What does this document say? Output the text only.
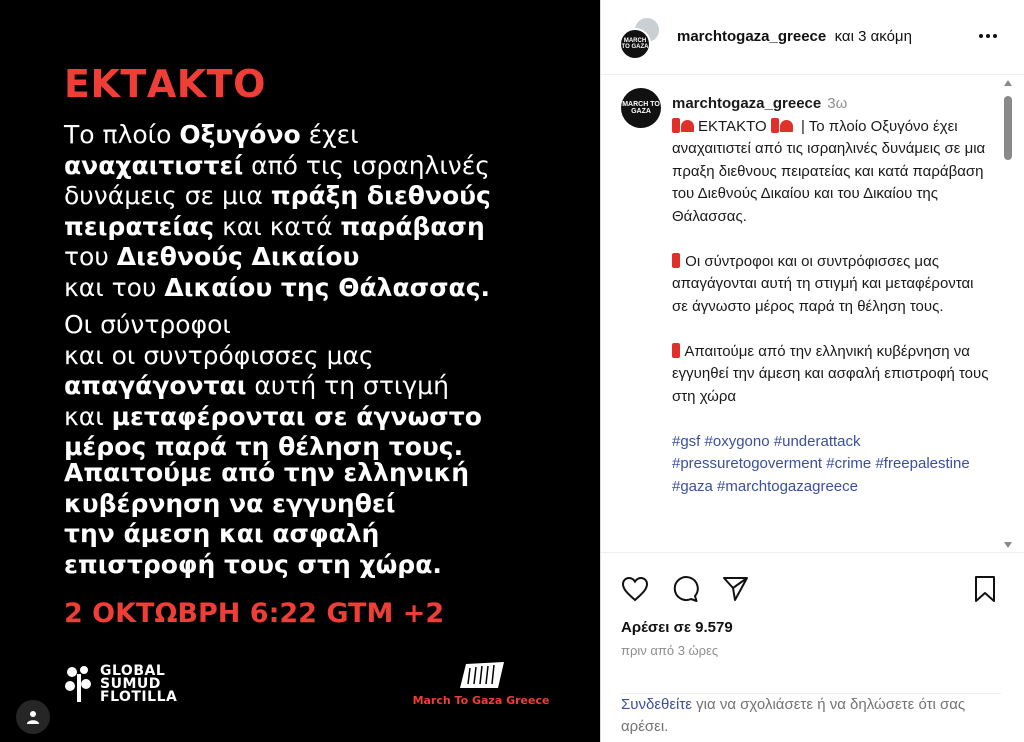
ΕΚΤΑΚΤΟ
Το πλοίο Οξυγόνο έχει
αναχαιτιστεί από τις ισραηλινές
δυνάμεις σε μια πράξη διεθνούς
πειρατείας και κατά παράβαση
του Διεθνούς Δικαίου
και του Δικαίου της Θάλασσας.
Οι σύντροφοι
και οι συντρόφισσες μας
απαγάγονται αυτή τη στιγμή
και μεταφέρονται σε άγνωστο
μέρος παρά τη θέληση τους.
Απαιτούμε από την ελληνική
κυβέρνηση να εγγυηθεί
την άμεση και ασφαλή
επιστροφή τους στη χώρα.
2 ΟΚΤΩΒΡΗ 6:22 GTM +2
GLOBAL
SUMUD
FLOTILLA	March To Gaza Greece
MARCH TO GAZA
marchtogaza_greece και 3 ακόμη
MARCH TO GAZA	marchtogaza_greece 3ω
ΕΚΤΑΚΤΟ  | Το πλοίο Οξυγόνο έχει αναχαιτιστεί από τις ισραηλινές δυνάμεις σε μια πραξη διεθνους πειρατείας και κατά παράβαση του Διεθνούς Δικαίου και του Δικαίου της Θάλασσας.
Οι σύντροφοι και οι συντρόφισσες μας απαγάγονται αυτή τη στιγμή και μεταφέρονται σε άγνωστο μέρος παρά τη θέληση τους.
Απαιτούμε από την ελληνική κυβέρνηση να εγγυηθεί την άμεση και ασφαλή επιστροφή τους στη χώρα
#gsf #oxygono #underattack #pressuretogoverment #crime #freepalestine #gaza #marchtogazagreece
Αρέσει σε 9.579
πριν από 3 ώρες
Συνδεθείτε για να σχολιάσετε ή να δηλώσετε ότι σας αρέσει.
